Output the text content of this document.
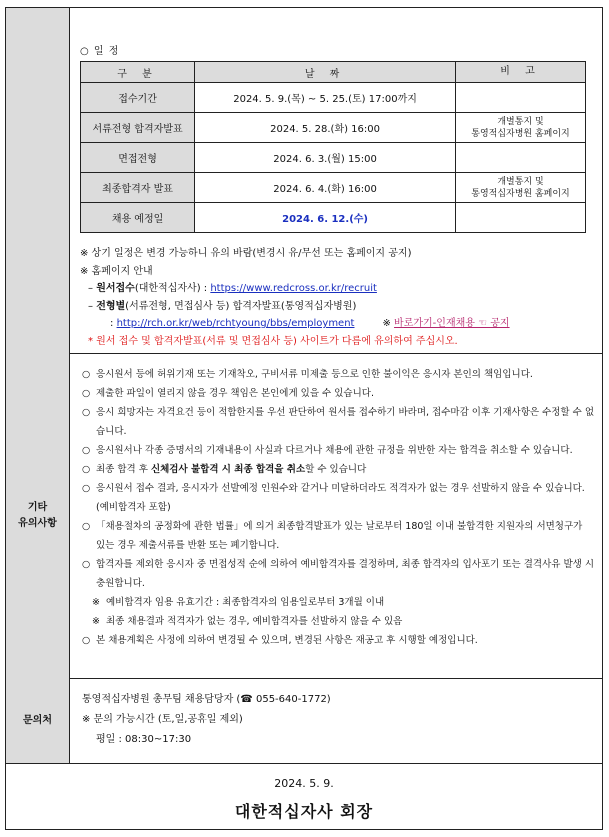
○ 일 정
구 분	날 짜	비 고
접수기간	2024. 5. 9.(목) ~ 5. 25.(토) 17:00까지	
서류전형 합격자발표	2024. 5. 28.(화) 16:00	개별통지 및
통영적십자병원 홈페이지
면접전형	2024. 6. 3.(월) 15:00	
최종합격자 발표	2024. 6. 4.(화) 16:00	개별통지 및
통영적십자병원 홈페이지
채용 예정일	2024. 6. 12.(수)	
※ 상기 일정은 변경 가능하니 유의 바람(변경시 유/무선 또는 홈페이지 공지)
※ 홈페이지 안내
– 원서접수(대한적십자사) : https://www.redcross.or.kr/recruit
– 전형별(서류전형, 면접심사 등) 합격자발표(통영적십자병원)
: http://rch.or.kr/web/rchtyoung/bbs/employment	※ 바로가기-인재채용 ☜ 공지
* 원서 접수 및 합격자발표(서류 및 면접심사 등) 사이트가 다름에 유의하여 주십시오.
기타
유의사항
○ 응시원서 등에 허위기재 또는 기재착오, 구비서류 미제출 등으로 인한 불이익은 응시자 본인의 책임입니다.
○ 제출한 파일이 열리지 않을 경우 책임은 본인에게 있을 수 있습니다.
○ 응시 희망자는 자격요건 등이 적합한지를 우선 판단하여 원서를 접수하기 바라며, 접수마감 이후 기재사항은 수정할 수 없습니다.
○ 응시원서나 각종 증명서의 기재내용이 사실과 다르거나 채용에 관한 규정을 위반한 자는 합격을 취소할 수 있습니다.
○ 최종 합격 후 신체검사 불합격 시 최종 합격을 취소할 수 있습니다
○ 응시원서 접수 결과, 응시자가 선발예정 인원수와 같거나 미달하더라도 적격자가 없는 경우 선발하지 않을 수 있습니다. (예비합격자 포함)
○ 「채용절차의 공정화에 관한 법률」에 의거 최종합격발표가 있는 날로부터 180일 이내 불합격한 지원자의 서면청구가 있는 경우 제출서류를 반환 또는 폐기합니다.
○ 합격자를 제외한 응시자 중 면접성적 순에 의하여 예비합격자를 결정하며, 최종 합격자의 입사포기 또는 결격사유 발생 시 충원합니다.
※ 예비합격자 임용 유효기간 : 최종합격자의 임용일로부터 3개월 이내
※ 최종 채용결과 적격자가 없는 경우, 예비합격자를 선발하지 않을 수 있음
○ 본 채용계획은 사정에 의하여 변경될 수 있으며, 변경된 사항은 재공고 후 시행할 예정입니다.
문의처
통영적십자병원 총무팀 채용담당자 (☎ 055-640-1772)
※ 문의 가능시간 (토,일,공휴일 제외)
평일 : 08:30~17:30
2024. 5. 9.
대한적십자사 회장
